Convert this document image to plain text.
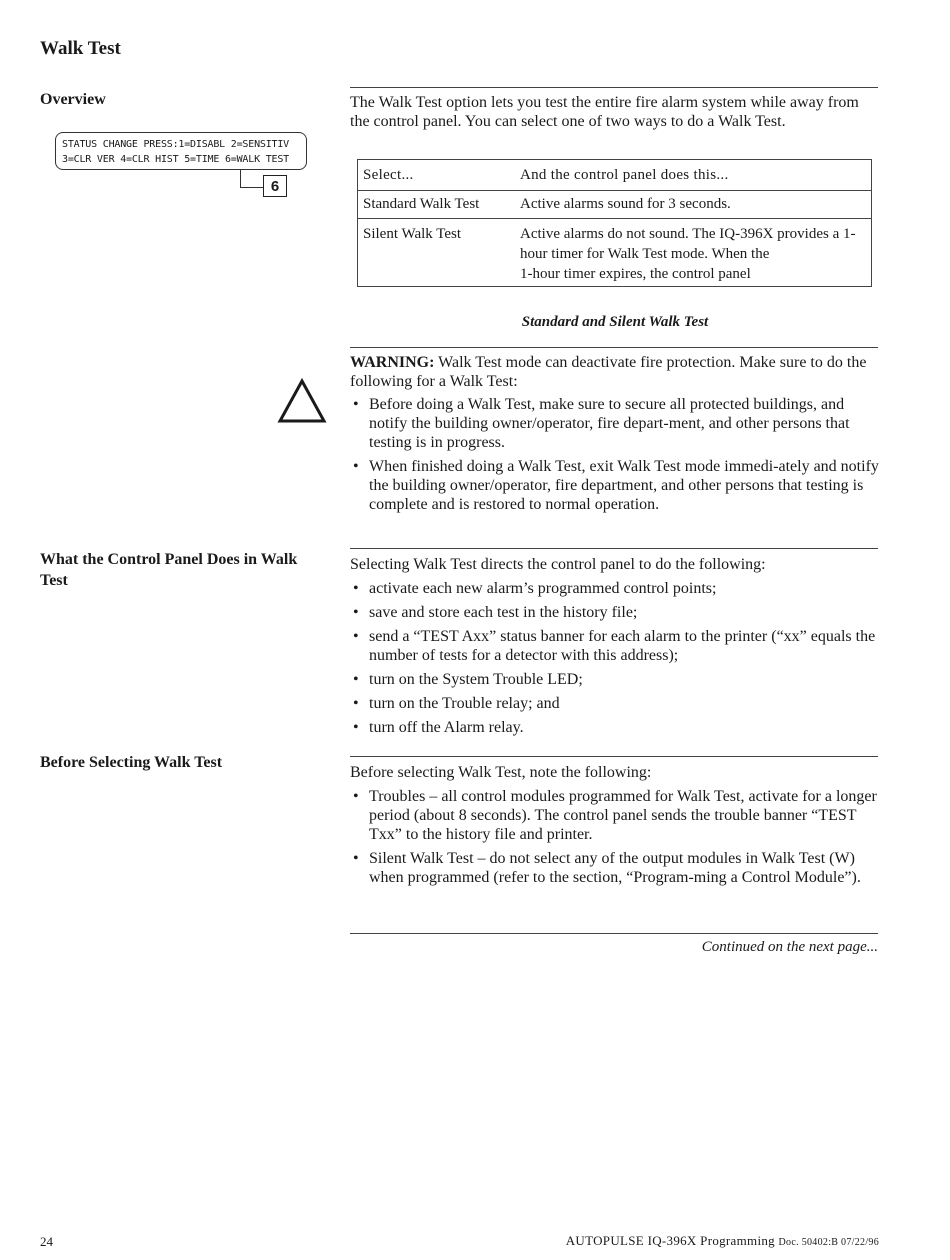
Walk Test
Overview
STATUS CHANGE PRESS:1=DISABL 2=SENSITIV
3=CLR VER 4=CLR HIST 5=TIME 6=WALK TEST
6
The Walk Test option lets you test the entire fire alarm system while away from the control panel. You can select one of two ways to do a Walk Test.
Select...	And the control panel does this...
Standard Walk Test	Active alarms sound for 3 seconds.
Silent Walk Test	Active alarms do not sound. The IQ-396X provides a 1-hour timer for Walk Test mode. When the
1-hour timer expires, the control panel
Standard and Silent Walk Test
WARNING: Walk Test mode can deactivate fire protection. Make sure to do the following for a Walk Test:
• Before doing a Walk Test, make sure to secure all protected buildings, and notify the building owner/operator, fire depart-ment, and other persons that testing is in progress.
• When finished doing a Walk Test, exit Walk Test mode immedi-ately and notify the building owner/operator, fire department, and other persons that testing is complete and is restored to normal operation.
What the Control Panel Does in Walk Test
Selecting Walk Test directs the control panel to do the following:
• activate each new alarm’s programmed control points;
• save and store each test in the history file;
• send a “TEST Axx” status banner for each alarm to the printer (“xx” equals the number of tests for a detector with this address);
• turn on the System Trouble LED;
• turn on the Trouble relay; and
• turn off the Alarm relay.
Before Selecting Walk Test
Before selecting Walk Test, note the following:
• Troubles – all control modules programmed for Walk Test, activate for a longer period (about 8 seconds). The control panel sends the trouble banner “TEST Txx” to the history file and printer.
• Silent Walk Test – do not select any of the output modules in Walk Test (W) when programmed (refer to the section, “Program-ming a Control Module”).
Continued on the next page...
24	AUTOPULSE IQ-396X Programming Doc. 50402:B 07/22/96
